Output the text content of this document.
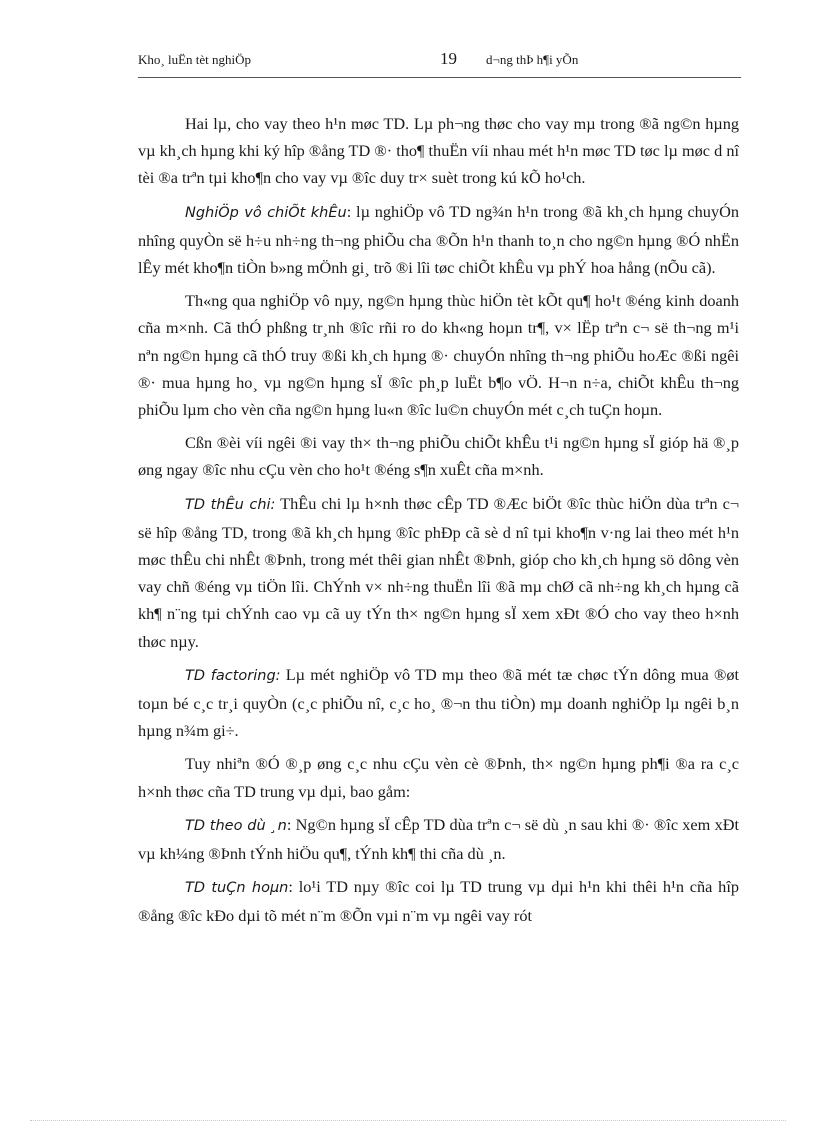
Kho¸ luËn tèt nghiÖp	19 d¬ng thÞ h¶i yÕn

Hai lµ, cho vay theo h¹n møc TD. Lµ ph¬ng thøc cho vay mµ trong ®ã ng©n hµng vµ kh¸ch hµng khi ký hîp ®ång TD ®· tho¶ thuËn víi nhau mét h¹n møc TD tøc lµ møc d nî tèi ®a trªn tµi kho¶n cho vay vµ ®îc duy tr× suèt trong kú kÕ ho¹ch.

NghiÖp vô chiÕt khÊu: lµ nghiÖp vô TD ng¾n h¹n trong ®ã kh¸ch hµng chuyÓn nhîng quyÒn së h÷u nh÷ng th¬ng phiÕu cha ®Õn h¹n thanh to¸n cho ng©n hµng ®Ó nhËn lÊy mét kho¶n tiÒn b»ng mÖnh gi¸ trõ ®i lîi tøc chiÕt khÊu vµ phÝ hoa hång (nÕu cã).

Th«ng qua nghiÖp vô nµy, ng©n hµng thùc hiÖn tèt kÕt qu¶ ho¹t ®éng kinh doanh cña m×nh. Cã thÓ phßng tr¸nh ®îc rñi ro do kh«ng hoµn tr¶, v× lËp trªn c¬ së th¬ng m¹i nªn ng©n hµng cã thÓ truy ®ßi kh¸ch hµng ®· chuyÓn nhîng th¬ng phiÕu hoÆc ®ßi ngêi ®· mua hµng ho¸ vµ ng©n hµng sÏ ®îc ph¸p luËt b¶o vÖ. H¬n n÷a, chiÕt khÊu th¬ng phiÕu lµm cho vèn cña ng©n hµng lu«n ®îc lu©n chuyÓn mét c¸ch tuÇn hoµn.

Cßn ®èi víi ngêi ®i vay th× th¬ng phiÕu chiÕt khÊu t¹i ng©n hµng sÏ gióp hä ®¸p øng ngay ®îc nhu cÇu vèn cho ho¹t ®éng s¶n xuÊt cña m×nh.

TD thÊu chi: ThÊu chi lµ h×nh thøc cÊp TD ®Æc biÖt ®îc thùc hiÖn dùa trªn c¬ së hîp ®ång TD, trong ®ã kh¸ch hµng ®îc phÐp cã sè d nî tµi kho¶n v·ng lai theo mét h¹n møc thÊu chi nhÊt ®Þnh, trong mét thêi gian nhÊt ®Þnh, gióp cho kh¸ch hµng sö dông vèn vay chñ ®éng vµ tiÖn lîi. ChÝnh v× nh÷ng thuËn lîi ®ã mµ chØ cã nh÷ng kh¸ch hµng cã kh¶ n¨ng tµi chÝnh cao vµ cã uy tÝn th× ng©n hµng sÏ xem xÐt ®Ó cho vay theo h×nh thøc nµy.

TD factoring: Lµ mét nghiÖp vô TD mµ theo ®ã mét tæ chøc tÝn dông mua ®øt toµn bé c¸c tr¸i quyÒn (c¸c phiÕu nî, c¸c ho¸ ®¬n thu tiÒn) mµ doanh nghiÖp lµ ngêi b¸n hµng n¾m gi÷.

Tuy nhiªn ®Ó ®¸p øng c¸c nhu cÇu vèn cè ®Þnh, th× ng©n hµng ph¶i ®a ra c¸c h×nh thøc cña TD trung vµ dµi, bao gåm:

TD theo dù ¸n: Ng©n hµng sÏ cÊp TD dùa trªn c¬ së dù ¸n sau khi ®· ®îc xem xÐt vµ kh¼ng ®Þnh tÝnh hiÖu qu¶, tÝnh kh¶ thi cña dù ¸n.

TD tuÇn hoµn: lo¹i TD nµy ®îc coi lµ TD trung vµ dµi h¹n khi thêi h¹n cña hîp ®ång ®îc kÐo dµi tõ mét n¨m ®Õn vµi n¨m vµ ngêi vay rót
